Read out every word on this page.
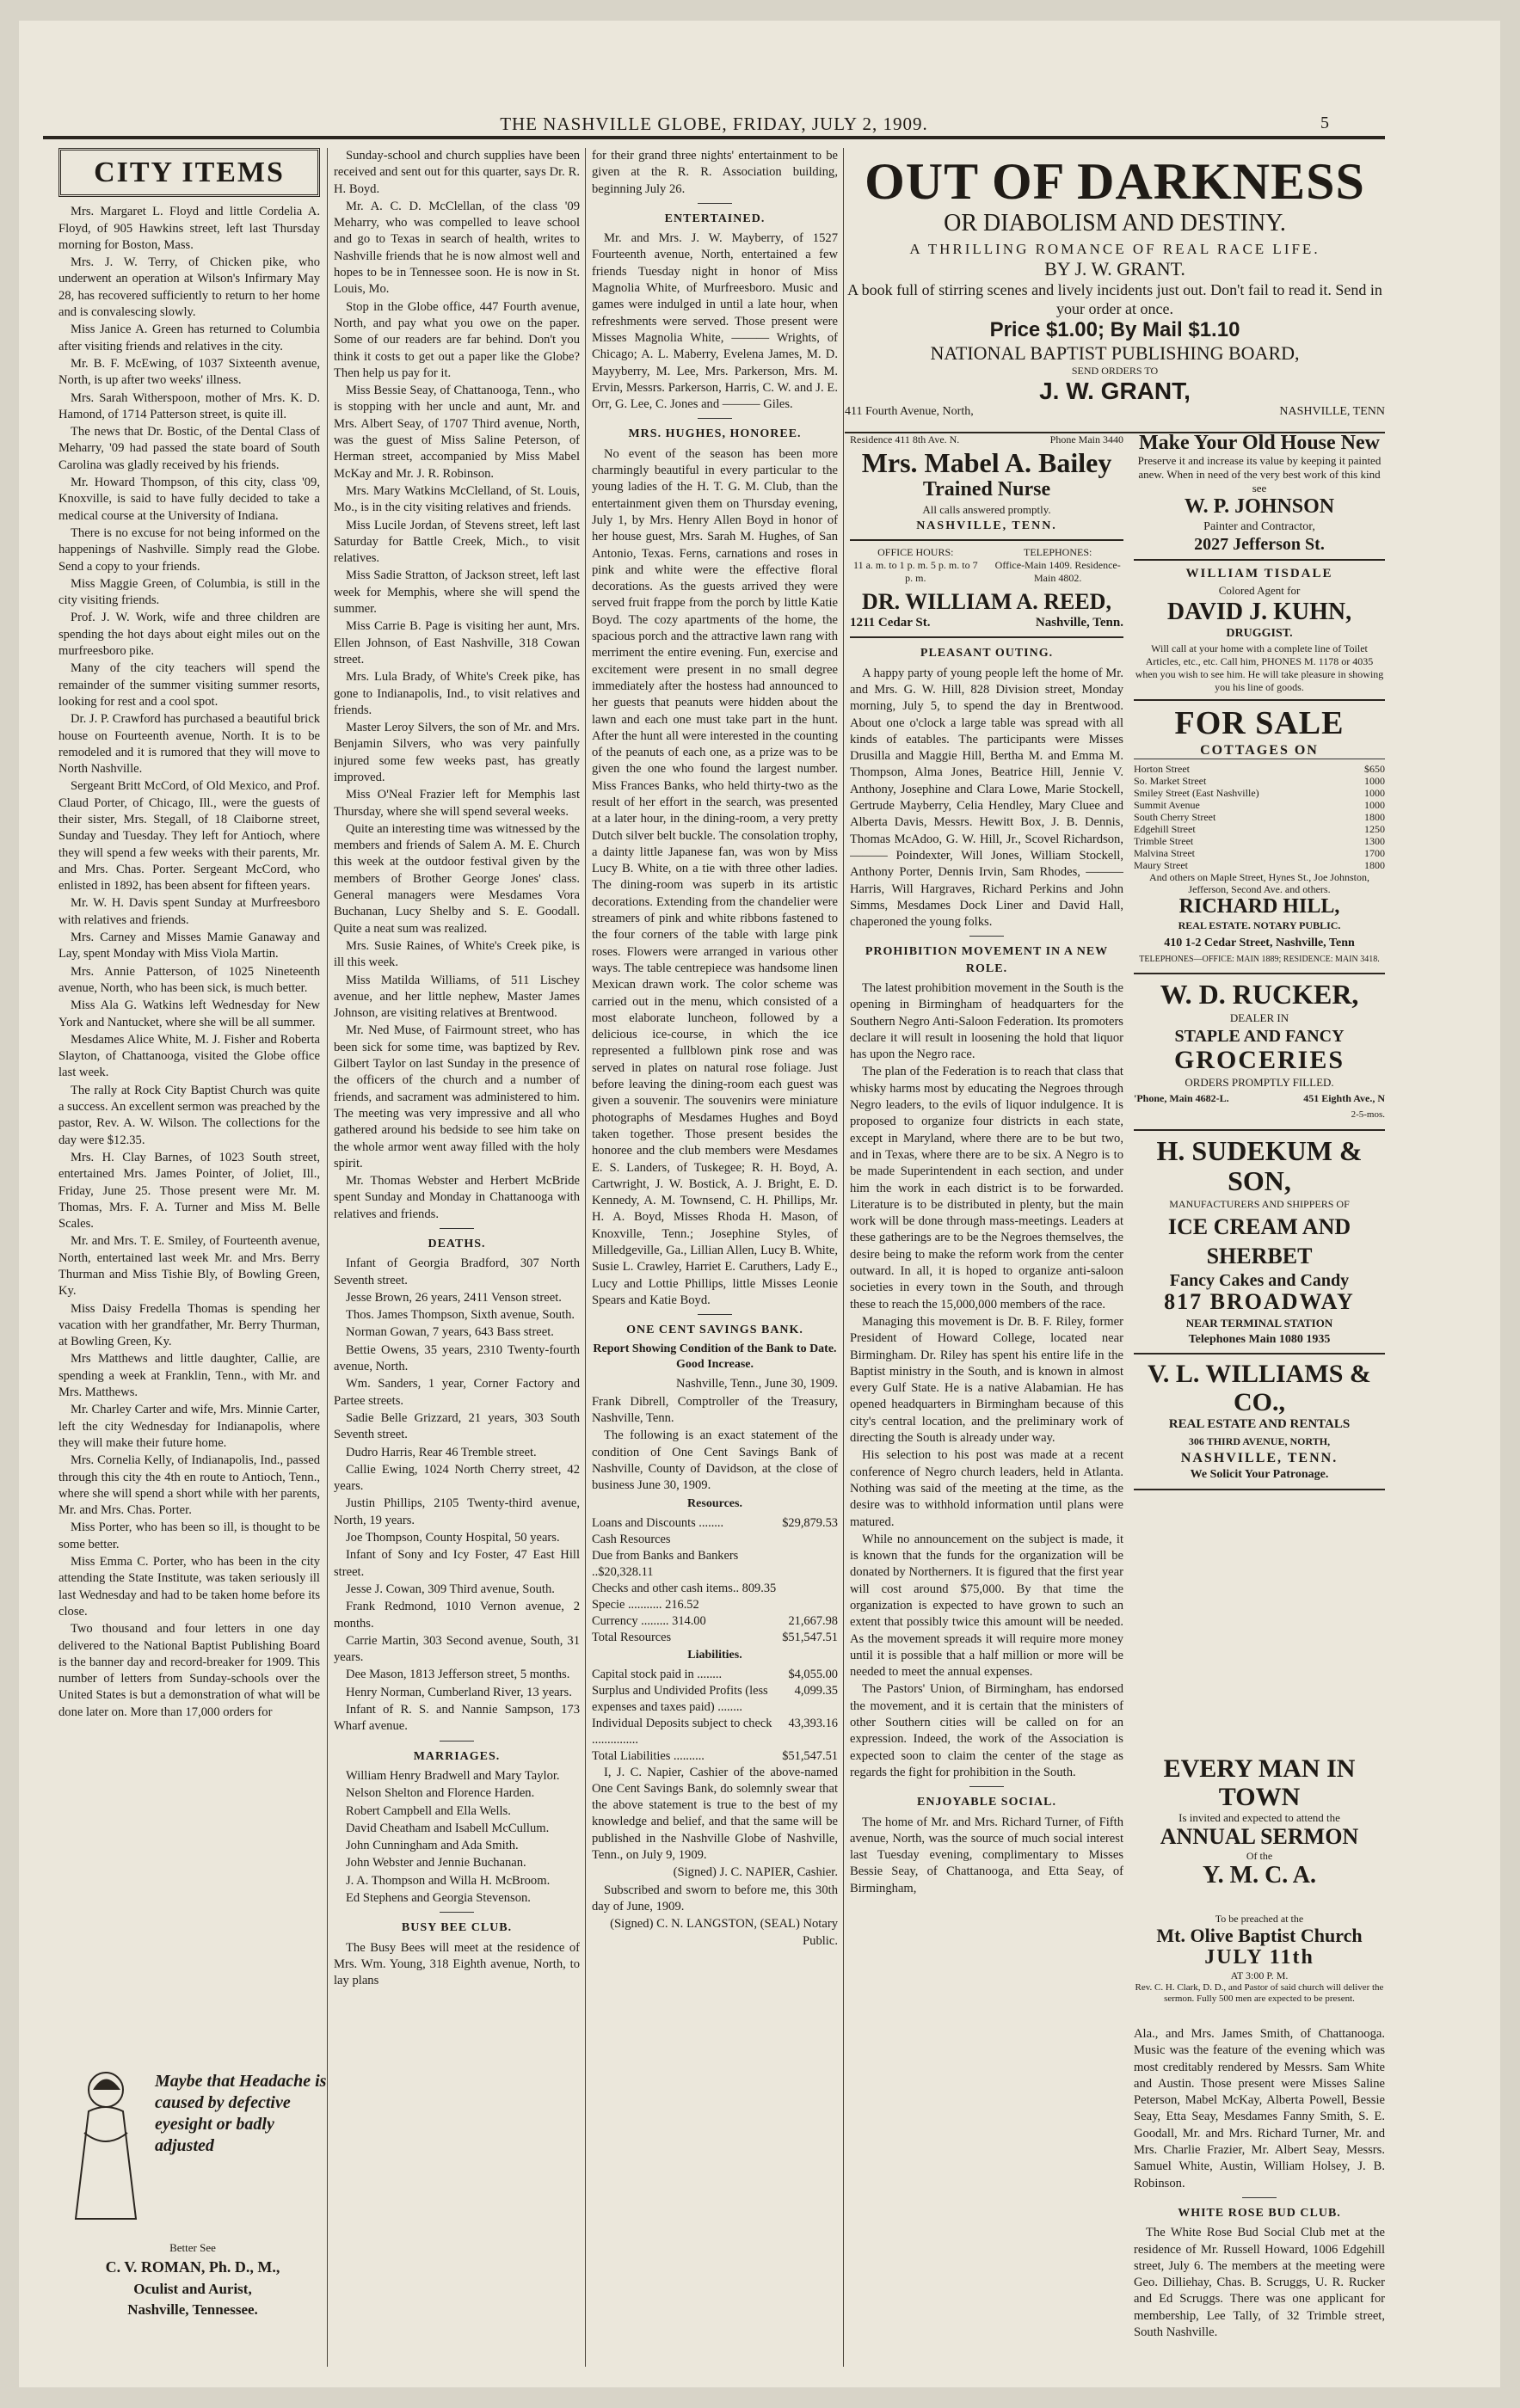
THE NASHVILLE GLOBE, FRIDAY, JULY 2, 1909.	5
CITY ITEMS

Mrs. Margaret L. Floyd and little Cordelia A. Floyd, of 905 Hawkins street, left last Thursday morning for Boston, Mass.

Mrs. J. W. Terry, of Chicken pike, who underwent an operation at Wilson's Infirmary May 28, has recovered sufficiently to return to her home and is convalescing slowly.

Miss Janice A. Green has returned to Columbia after visiting friends and relatives in the city.

Mr. B. F. McEwing, of 1037 Sixteenth avenue, North, is up after two weeks' illness.

Mrs. Sarah Witherspoon, mother of Mrs. K. D. Hamond, of 1714 Patterson street, is quite ill.

The news that Dr. Bostic, of the Dental Class of Meharry, '09 had passed the state board of South Carolina was gladly received by his friends.

Mr. Howard Thompson, of this city, class '09, Knoxville, is said to have fully decided to take a medical course at the University of Indiana.

There is no excuse for not being informed on the happenings of Nashville. Simply read the Globe. Send a copy to your friends.

Miss Maggie Green, of Columbia, is still in the city visiting friends.

Prof. J. W. Work, wife and three children are spending the hot days about eight miles out on the murfreesboro pike.

Many of the city teachers will spend the remainder of the summer visiting summer resorts, looking for rest and a cool spot.

Dr. J. P. Crawford has purchased a beautiful brick house on Fourteenth avenue, North. It is to be remodeled and it is rumored that they will move to North Nashville.

Sergeant Britt McCord, of Old Mexico, and Prof. Claud Porter, of Chicago, Ill., were the guests of their sister, Mrs. Stegall, of 18 Claiborne street, Sunday and Tuesday. They left for Antioch, where they will spend a few weeks with their parents, Mr. and Mrs. Chas. Porter. Sergeant McCord, who enlisted in 1892, has been absent for fifteen years.

Mr. W. H. Davis spent Sunday at Murfreesboro with relatives and friends.

Mrs. Carney and Misses Mamie Ganaway and Lay, spent Monday with Miss Viola Martin.

Mrs. Annie Patterson, of 1025 Nineteenth avenue, North, who has been sick, is much better.

Miss Ala G. Watkins left Wednesday for New York and Nantucket, where she will be all summer.

Mesdames Alice White, M. J. Fisher and Roberta Slayton, of Chattanooga, visited the Globe office last week.

The rally at Rock City Baptist Church was quite a success. An excellent sermon was preached by the pastor, Rev. A. W. Wilson. The collections for the day were $12.35.

Mrs. H. Clay Barnes, of 1023 South street, entertained Mrs. James Pointer, of Joliet, Ill., Friday, June 25. Those present were Mr. M. Thomas, Mrs. F. A. Turner and Miss M. Belle Scales.

Mr. and Mrs. T. E. Smiley, of Fourteenth avenue, North, entertained last week Mr. and Mrs. Berry Thurman and Miss Tishie Bly, of Bowling Green, Ky.

Miss Daisy Fredella Thomas is spending her vacation with her grandfather, Mr. Berry Thurman, at Bowling Green, Ky.

Mrs Matthews and little daughter, Callie, are spending a week at Franklin, Tenn., with Mr. and Mrs. Matthews.

Mr. Charley Carter and wife, Mrs. Minnie Carter, left the city Wednesday for Indianapolis, where they will make their future home.

Mrs. Cornelia Kelly, of Indianapolis, Ind., passed through this city the 4th en route to Antioch, Tenn., where she will spend a short while with her parents, Mr. and Mrs. Chas. Porter.

Miss Porter, who has been so ill, is thought to be some better.

Miss Emma C. Porter, who has been in the city attending the State Institute, was taken seriously ill last Wednesday and had to be taken home before its close.

Two thousand and four letters in one day delivered to the National Baptist Publishing Board is the banner day and record-breaker for 1909. This number of letters from Sunday-schools over the United States is but a demonstration of what will be done later on. More than 17,000 orders for

Maybe that Headache is caused by defective eyesight or badly adjusted
Better See
C. V. ROMAN, Ph. D., M.,
Oculist and Aurist,
Nashville, Tennessee.

Sunday-school and church supplies have been received and sent out for this quarter, says Dr. R. H. Boyd.

Mr. A. C. D. McClellan, of the class '09 Meharry, who was compelled to leave school and go to Texas in search of health, writes to Nashville friends that he is now almost well and hopes to be in Tennessee soon. He is now in St. Louis, Mo.

Stop in the Globe office, 447 Fourth avenue, North, and pay what you owe on the paper. Some of our readers are far behind. Don't you think it costs to get out a paper like the Globe? Then help us pay for it.

Miss Bessie Seay, of Chattanooga, Tenn., who is stopping with her uncle and aunt, Mr. and Mrs. Albert Seay, of 1707 Third avenue, North, was the guest of Miss Saline Peterson, of Herman street, accompanied by Miss Mabel McKay and Mr. J. R. Robinson.

Mrs. Mary Watkins McClelland, of St. Louis, Mo., is in the city visiting relatives and friends.

Miss Lucile Jordan, of Stevens street, left last Saturday for Battle Creek, Mich., to visit relatives.

Miss Sadie Stratton, of Jackson street, left last week for Memphis, where she will spend the summer.

Miss Carrie B. Page is visiting her aunt, Mrs. Ellen Johnson, of East Nashville, 318 Cowan street.

Mrs. Lula Brady, of White's Creek pike, has gone to Indianapolis, Ind., to visit relatives and friends.

Master Leroy Silvers, the son of Mr. and Mrs. Benjamin Silvers, who was very painfully injured some few weeks past, has greatly improved.

Miss O'Neal Frazier left for Memphis last Thursday, where she will spend several weeks.

Quite an interesting time was witnessed by the members and friends of Salem A. M. E. Church this week at the outdoor festival given by the members of Brother George Jones' class. General managers were Mesdames Vora Buchanan, Lucy Shelby and S. E. Goodall. Quite a neat sum was realized.

Mrs. Susie Raines, of White's Creek pike, is ill this week.

Miss Matilda Williams, of 511 Lischey avenue, and her little nephew, Master James Johnson, are visiting relatives at Brentwood.

Mr. Ned Muse, of Fairmount street, who has been sick for some time, was baptized by Rev. Gilbert Taylor on last Sunday in the presence of the officers of the church and a number of friends, and sacrament was administered to him. The meeting was very impressive and all who gathered around his bedside to see him take on the whole armor went away filled with the holy spirit.

Mr. Thomas Webster and Herbert McBride spent Sunday and Monday in Chattanooga with relatives and friends.

DEATHS.

Infant of Georgia Bradford, 307 North Seventh street.

Jesse Brown, 26 years, 2411 Venson street.

Thos. James Thompson, Sixth avenue, South.

Norman Gowan, 7 years, 643 Bass street.

Bettie Owens, 35 years, 2310 Twenty-fourth avenue, North.

Wm. Sanders, 1 year, Corner Factory and Partee streets.

Sadie Belle Grizzard, 21 years, 303 South Seventh street.

Dudro Harris, Rear 46 Tremble street.

Callie Ewing, 1024 North Cherry street, 42 years.

Justin Phillips, 2105 Twenty-third avenue, North, 19 years.

Joe Thompson, County Hospital, 50 years.

Infant of Sony and Icy Foster, 47 East Hill street.

Jesse J. Cowan, 309 Third avenue, South.

Frank Redmond, 1010 Vernon avenue, 2 months.

Carrie Martin, 303 Second avenue, South, 31 years.

Dee Mason, 1813 Jefferson street, 5 months.

Henry Norman, Cumberland River, 13 years.

Infant of R. S. and Nannie Sampson, 173 Wharf avenue.

MARRIAGES.

William Henry Bradwell and Mary Taylor.

Nelson Shelton and Florence Harden.

Robert Campbell and Ella Wells.

David Cheatham and Isabell McCullum.

John Cunningham and Ada Smith.

John Webster and Jennie Buchanan.

J. A. Thompson and Willa H. McBroom.

Ed Stephens and Georgia Stevenson.

BUSY BEE CLUB.

The Busy Bees will meet at the residence of Mrs. Wm. Young, 318 Eighth avenue, North, to lay plans

for their grand three nights' entertainment to be given at the R. R. Association building, beginning July 26.

ENTERTAINED.

Mr. and Mrs. J. W. Mayberry, of 1527 Fourteenth avenue, North, entertained a few friends Tuesday night in honor of Miss Magnolia White, of Murfreesboro. Music and games were indulged in until a late hour, when refreshments were served. Those present were Misses Magnolia White, ——— Wrights, of Chicago; A. L. Maberry, Evelena James, M. D. Mayyberry, M. Lee, Mrs. Parkerson, Mrs. M. Ervin, Messrs. Parkerson, Harris, C. W. and J. E. Orr, G. Lee, C. Jones and ——— Giles.

MRS. HUGHES, HONOREE.

No event of the season has been more charmingly beautiful in every particular to the young ladies of the H. T. G. M. Club, than the entertainment given them on Thursday evening, July 1, by Mrs. Henry Allen Boyd in honor of her house guest, Mrs. Sarah M. Hughes, of San Antonio, Texas. Ferns, carnations and roses in pink and white were the effective floral decorations. As the guests arrived they were served fruit frappe from the porch by little Katie Boyd. The cozy apartments of the home, the spacious porch and the attractive lawn rang with merriment the entire evening. Fun, exercise and excitement were present in no small degree immediately after the hostess had announced to her guests that peanuts were hidden about the lawn and each one must take part in the hunt. After the hunt all were interested in the counting of the peanuts of each one, as a prize was to be given the one who found the largest number. Miss Frances Banks, who held thirty-two as the result of her effort in the search, was presented at a later hour, in the dining-room, a very pretty Dutch silver belt buckle. The consolation trophy, a dainty little Japanese fan, was won by Miss Lucy B. White, on a tie with three other ladies. The dining-room was superb in its artistic decorations. Extending from the chandelier were streamers of pink and white ribbons fastened to the four corners of the table with large pink roses. Flowers were arranged in various other ways. The table centrepiece was handsome linen Mexican drawn work. The color scheme was carried out in the menu, which consisted of a most elaborate luncheon, followed by a delicious ice-course, in which the ice represented a fullblown pink rose and was served in plates on natural rose foliage. Just before leaving the dining-room each guest was given a souvenir. The souvenirs were miniature photographs of Mesdames Hughes and Boyd taken together. Those present besides the honoree and the club members were Mesdames E. S. Landers, of Tuskegee; R. H. Boyd, A. Cartwright, J. W. Bostick, A. J. Bright, E. D. Kennedy, A. M. Townsend, C. H. Phillips, Mr. H. A. Boyd, Misses Rhoda H. Mason, of Knoxville, Tenn.; Josephine Styles, of Milledgeville, Ga., Lillian Allen, Lucy B. White, Susie L. Crawley, Harriet E. Caruthers, Lady E., Lucy and Lottie Phillips, little Misses Leonie Spears and Katie Boyd.

ONE CENT SAVINGS BANK.
Report Showing Condition of the Bank to Date. Good Increase.

Nashville, Tenn., June 30, 1909.

Frank Dibrell, Comptroller of the Treasury, Nashville, Tenn.

The following is an exact statement of the condition of One Cent Savings Bank of Nashville, County of Davidson, at the close of business June 30, 1909.

Resources.
Loans and Discounts ........	$29,879.53
Cash Resources	
Due from Banks and Bankers ..$20,328.11	
Checks and other cash items.. 809.35	
Specie ........... 216.52	
Currency ......... 314.00	21,667.98
Total Resources	$51,547.51
Liabilities.
Capital stock paid in ........	$4,055.00
Surplus and Undivided Profits (less expenses and taxes paid) ........	4,099.35
Individual Deposits subject to check ...............	43,393.16
Total Liabilities ..........	$51,547.51

I, J. C. Napier, Cashier of the above-named One Cent Savings Bank, do solemnly swear that the above statement is true to the best of my knowledge and belief, and that the same will be published in the Nashville Globe of Nashville, Tenn., on July 9, 1909.

(Signed) J. C. NAPIER, Cashier.

Subscribed and sworn to before me, this 30th day of June, 1909.

(Signed) C. N. LANGSTON, (SEAL) Notary Public.

OUT OF DARKNESS
OR DIABOLISM AND DESTINY.
A THRILLING ROMANCE OF REAL RACE LIFE.
BY J. W. GRANT.
A book full of stirring scenes and lively incidents just out. Don't fail to read it. Send in your order at once.
Price $1.00; By Mail $1.10
NATIONAL BAPTIST PUBLISHING BOARD,
SEND ORDERS TO
J. W. GRANT,
411 Fourth Avenue, North,	NASHVILLE, TENN
Residence 411 8th Ave. N.	Phone Main 3440
Mrs. Mabel A. Bailey
Trained Nurse
All calls answered promptly.
NASHVILLE, TENN.
OFFICE HOURS:
11 a. m. to 1 p. m. 5 p. m. to 7 p. m.
TELEPHONES:
Office-Main 1409. Residence-Main 4802.
DR. WILLIAM A. REED,
1211 Cedar St.	Nashville, Tenn.
PLEASANT OUTING.

A happy party of young people left the home of Mr. and Mrs. G. W. Hill, 828 Division street, Monday morning, July 5, to spend the day in Brentwood. About one o'clock a large table was spread with all kinds of eatables. The participants were Misses Drusilla and Maggie Hill, Bertha M. and Emma M. Thompson, Alma Jones, Beatrice Hill, Jennie V. Anthony, Josephine and Clara Lowe, Marie Stockell, Gertrude Mayberry, Celia Hendley, Mary Cluee and Alberta Davis, Messrs. Hewitt Box, J. B. Dennis, Thomas McAdoo, G. W. Hill, Jr., Scovel Richardson, ——— Poindexter, Will Jones, William Stockell, Anthony Porter, Dennis Irvin, Sam Rhodes, ——— Harris, Will Hargraves, Richard Perkins and John Simms, Mesdames Dock Liner and David Hall, chaperoned the young folks.

PROHIBITION MOVEMENT IN A NEW ROLE.

The latest prohibition movement in the South is the opening in Birmingham of headquarters for the Southern Negro Anti-Saloon Federation. Its promoters declare it will result in loosening the hold that liquor has upon the Negro race.

The plan of the Federation is to reach that class that whisky harms most by educating the Negroes through Negro leaders, to the evils of liquor indulgence. It is proposed to organize four districts in each state, except in Maryland, where there are to be but two, and in Texas, where there are to be six. A Negro is to be made Superintendent in each section, and under him the work in each district is to be forwarded. Literature is to be distributed in plenty, but the main work will be done through mass-meetings. Leaders at these gatherings are to be the Negroes themselves, the desire being to make the reform work from the center outward. In all, it is hoped to organize anti-saloon societies in every town in the South, and through these to reach the 15,000,000 members of the race.

Managing this movement is Dr. B. F. Riley, former President of Howard College, located near Birmingham. Dr. Riley has spent his entire life in the Baptist ministry in the South, and is known in almost every Gulf State. He is a native Alabamian. He has opened headquarters in Birmingham because of this city's central location, and the preliminary work of directing the South is already under way.

His selection to his post was made at a recent conference of Negro church leaders, held in Atlanta. Nothing was said of the meeting at the time, as the desire was to withhold information until plans were matured.

While no announcement on the subject is made, it is known that the funds for the organization will be donated by Northerners. It is figured that the first year will cost around $75,000. By that time the organization is expected to have grown to such an extent that possibly twice this amount will be needed. As the movement spreads it will require more money until it is possible that a half million or more will be needed to meet the annual expenses.

The Pastors' Union, of Birmingham, has endorsed the movement, and it is certain that the ministers of other Southern cities will be called on for an expression. Indeed, the work of the Association is expected soon to claim the center of the stage as regards the fight for prohibition in the South.

ENJOYABLE SOCIAL.

The home of Mr. and Mrs. Richard Turner, of Fifth avenue, North, was the source of much social interest last Tuesday evening, complimentary to Misses Bessie Seay, of Chattanooga, and Etta Seay, of Birmingham,

Make Your Old House New
Preserve it and increase its value by keeping it painted anew. When in need of the very best work of this kind see
W. P. JOHNSON
Painter and Contractor,
2027 Jefferson St.
WILLIAM TISDALE
Colored Agent for
DAVID J. KUHN,
DRUGGIST.
Will call at your home with a complete line of Toilet Articles, etc., etc. Call him, PHONES M. 1178 or 4035 when you wish to see him. He will take pleasure in showing you his line of goods.
FOR SALE
COTTAGES ON
Horton Street	$650
So. Market Street	1000
Smiley Street (East Nashville)	1000
Summit Avenue	1000
South Cherry Street	1800
Edgehill Street	1250
Trimble Street	1300
Malvina Street	1700
Maury Street	1800
And others on Maple Street, Hynes St., Joe Johnston, Jefferson, Second Ave. and others.
RICHARD HILL,
REAL ESTATE. NOTARY PUBLIC.
410 1-2 Cedar Street, Nashville, Tenn
TELEPHONES—OFFICE: MAIN 1889; RESIDENCE: MAIN 3418.
W. D. RUCKER,
DEALER IN
STAPLE AND FANCY
GROCERIES
ORDERS PROMPTLY FILLED.
'Phone, Main 4682-L.	451 Eighth Ave., N
2-5-mos.
H. SUDEKUM & SON,
MANUFACTURERS AND SHIPPERS OF
ICE CREAM AND SHERBET
Fancy Cakes and Candy
817 BROADWAY
NEAR TERMINAL STATION
Telephones Main 1080 1935
V. L. WILLIAMS & CO.,
REAL ESTATE AND RENTALS
306 THIRD AVENUE, NORTH,
NASHVILLE, TENN.
We Solicit Your Patronage.
EVERY MAN IN TOWN
Is invited and expected to attend the
ANNUAL SERMON
Of the
Y. M. C. A.
To be preached at the
Mt. Olive Baptist Church
JULY 11th
AT 3:00 P. M.
Rev. C. H. Clark, D. D., and Pastor of said church will deliver the sermon. Fully 500 men are expected to be present.

Ala., and Mrs. James Smith, of Chattanooga. Music was the feature of the evening which was most creditably rendered by Messrs. Sam White and Austin. Those present were Misses Saline Peterson, Mabel McKay, Alberta Powell, Bessie Seay, Etta Seay, Mesdames Fanny Smith, S. E. Goodall, Mr. and Mrs. Richard Turner, Mr. and Mrs. Charlie Frazier, Mr. Albert Seay, Messrs. Samuel White, Austin, William Holsey, J. B. Robinson.

WHITE ROSE BUD CLUB.

The White Rose Bud Social Club met at the residence of Mr. Russell Howard, 1006 Edgehill street, July 6. The members at the meeting were Geo. Dilliehay, Chas. B. Scruggs, U. R. Rucker and Ed Scruggs. There was one applicant for membership, Lee Tally, of 32 Trimble street, South Nashville.
